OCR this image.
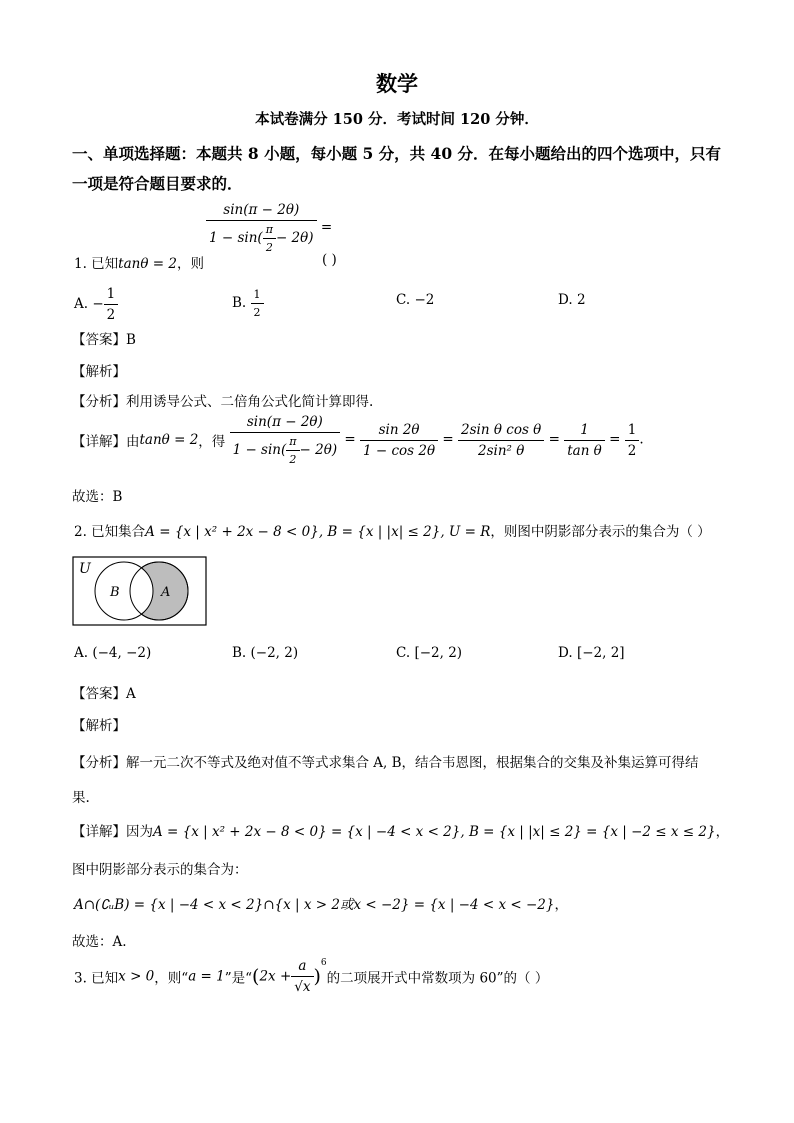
数学
本试卷满分 150 分．考试时间 120 分钟．
一、单项选择题：本题共 8 小题，每小题 5 分，共 40 分．在每小题给出的四个选项中，只有
一项是符合题目要求的．
$\frac{\sin(\pi - 2\theta)}{1 - \sin( \frac{\pi}{2} - 2\theta)}$ =
1. 已知tanθ = 2，则	( )
A. − $\frac{1}{2}$	B. $\frac{1}{2}$	C. −2	D. 2
【答案】B
【解析】
【分析】利用诱导公式、二倍角公式化简计算即得.
【详解】由tanθ = 2，得 $\frac{\sin(\pi - 2\theta)}{1 - \sin( \frac{\pi}{2} - 2\theta)} = \frac{\sin 2\theta}{1 - \cos 2\theta} = \frac{\text{2sin θ cos θ}}{\text{2sin² θ}} = \frac{1}{\text{tan θ}} = \frac{1}{2}$ .
故选：B
2. 已知集合A = {x | x² + 2x − 8 < 0}, B = {x | |x| ≤ 2}, U = R，则图中阴影部分表示的集合为（ ）
U
B	A
A. (−4, −2)	B. (−2, 2)	C. [−2, 2)	D. [−2, 2]
【答案】A
【解析】
【分析】解一元二次不等式及绝对值不等式求集合 A, B，结合韦恩图，根据集合的交集及补集运算可得结
果.
【详解】因为A = {x | x² + 2x − 8 < 0} = {x | −4 < x < 2}, B = {x | |x| ≤ 2} = {x | −2 ≤ x ≤ 2}，
图中阴影部分表示的集合为：
A∩(∁ᵤB) = {x | −4 < x < 2}∩{x | x > 2或x < −2} = {x | −4 < x < −2}，
故选：A.
3. 已知x > 0，则“a = 1”是“$(2x + \frac{a}{√x} )^6$的二项展开式中常数项为 60”的（ ）
